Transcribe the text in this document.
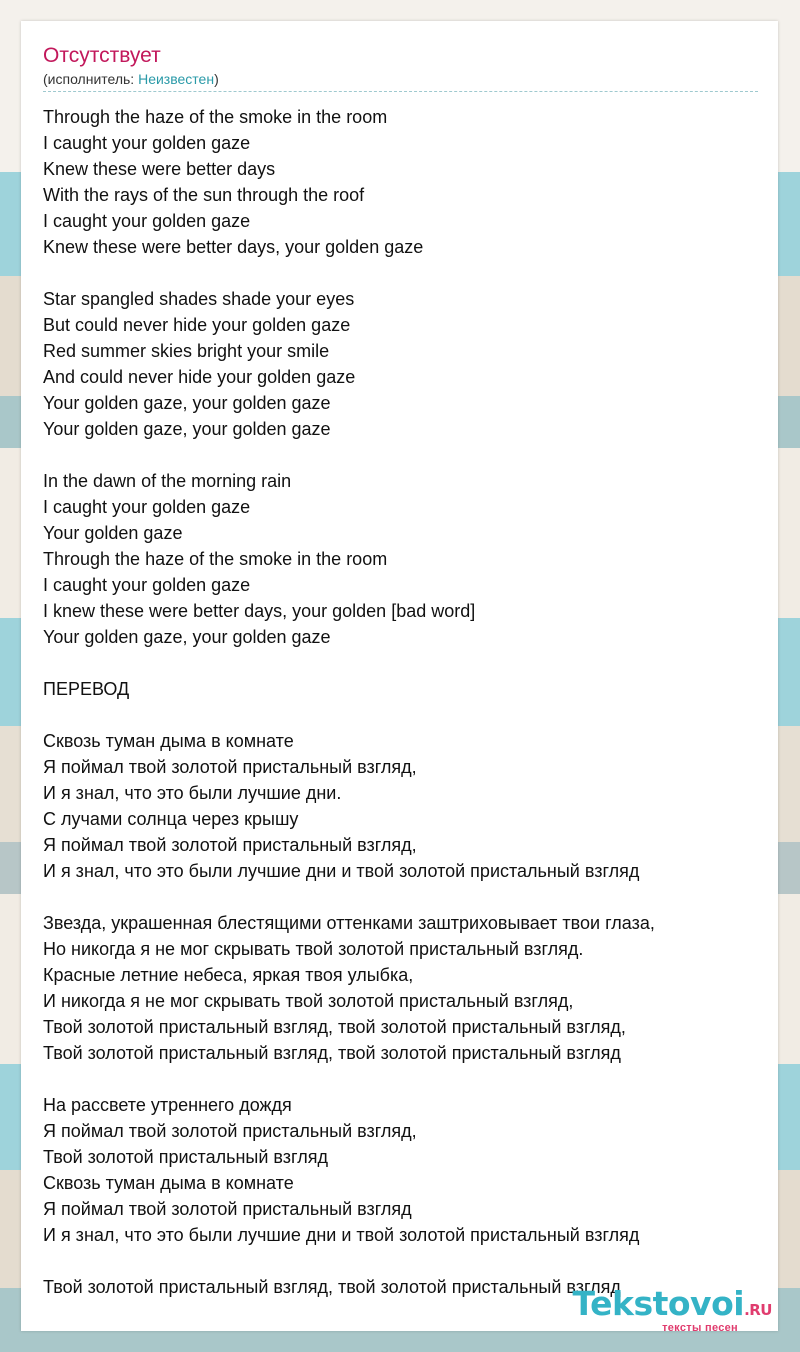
Отсутствует
(исполнитель: Неизвестен)
Through the haze of the smoke in the room
I caught your golden gaze
Knew these were better days
With the rays of the sun through the roof
I caught your golden gaze
Knew these were better days, your golden gaze
Star spangled shades shade your eyes
But could never hide your golden gaze
Red summer skies bright your smile
And could never hide your golden gaze
Your golden gaze, your golden gaze
Your golden gaze, your golden gaze
In the dawn of the morning rain
I caught your golden gaze
Your golden gaze
Through the haze of the smoke in the room
I caught your golden gaze
I knew these were better days, your golden [bad word]
Your golden gaze, your golden gaze
ПЕРЕВОД
Сквозь туман дыма в комнате
Я поймал твой золотой пристальный взгляд,
И я знал, что это были лучшие дни.
С лучами солнца через крышу
Я поймал твой золотой пристальный взгляд,
И я знал, что это были лучшие дни и твой золотой пристальный взгляд
Звезда, украшенная блестящими оттенками заштриховывает твои глаза,
Но никогда я не мог скрывать твой золотой пристальный взгляд.
Красные летние небеса, яркая твоя улыбка,
И никогда я не мог скрывать твой золотой пристальный взгляд,
Твой золотой пристальный взгляд, твой золотой пристальный взгляд,
Твой золотой пристальный взгляд, твой золотой пристальный взгляд
На рассвете утреннего дождя
Я поймал твой золотой пристальный взгляд,
Твой золотой пристальный взгляд
Сквозь туман дыма в комнате
Я поймал твой золотой пристальный взгляд
И я знал, что это были лучшие дни и твой золотой пристальный взгляд
Твой золотой пристальный взгляд, твой золотой пристальный взгляд
Tekstovoi.RU
тексты песен
